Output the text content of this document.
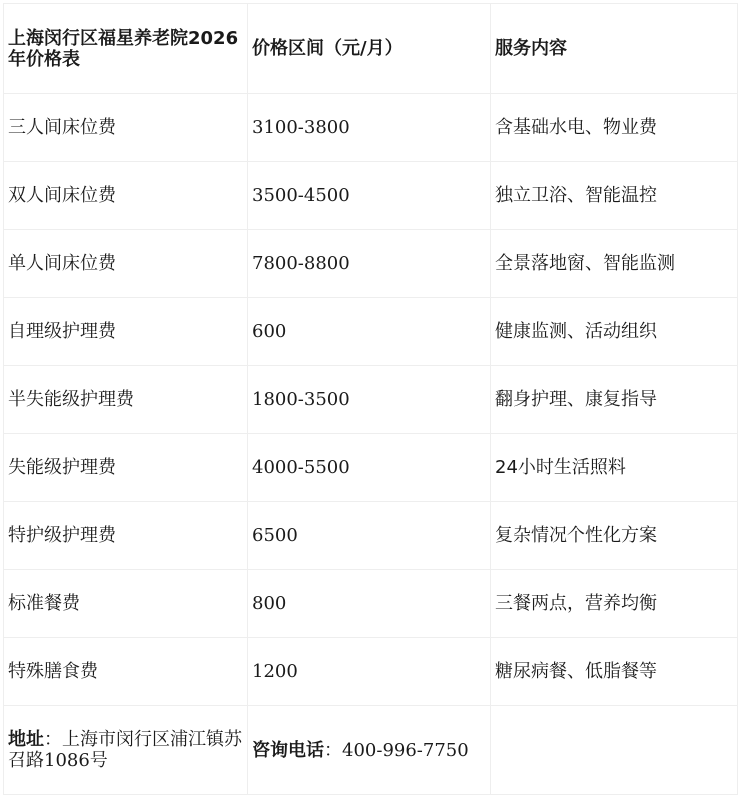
上海闵行区福星养老院2026年价格表	价格区间（元/月）	服务内容
三人间床位费	3100-3800	含基础水电、物业费
双人间床位费	3500-4500	独立卫浴、智能温控
单人间床位费	7800-8800	全景落地窗、智能监测
自理级护理费	600	健康监测、活动组织
半失能级护理费	1800-3500	翻身护理、康复指导
失能级护理费	4000-5500	24小时生活照料
特护级护理费	6500	复杂情况个性化方案
标准餐费	800	三餐两点，营养均衡
特殊膳食费	1200	糖尿病餐、低脂餐等
地址：上海市闵行区浦江镇苏召路1086号	咨询电话：400-996-7750	
